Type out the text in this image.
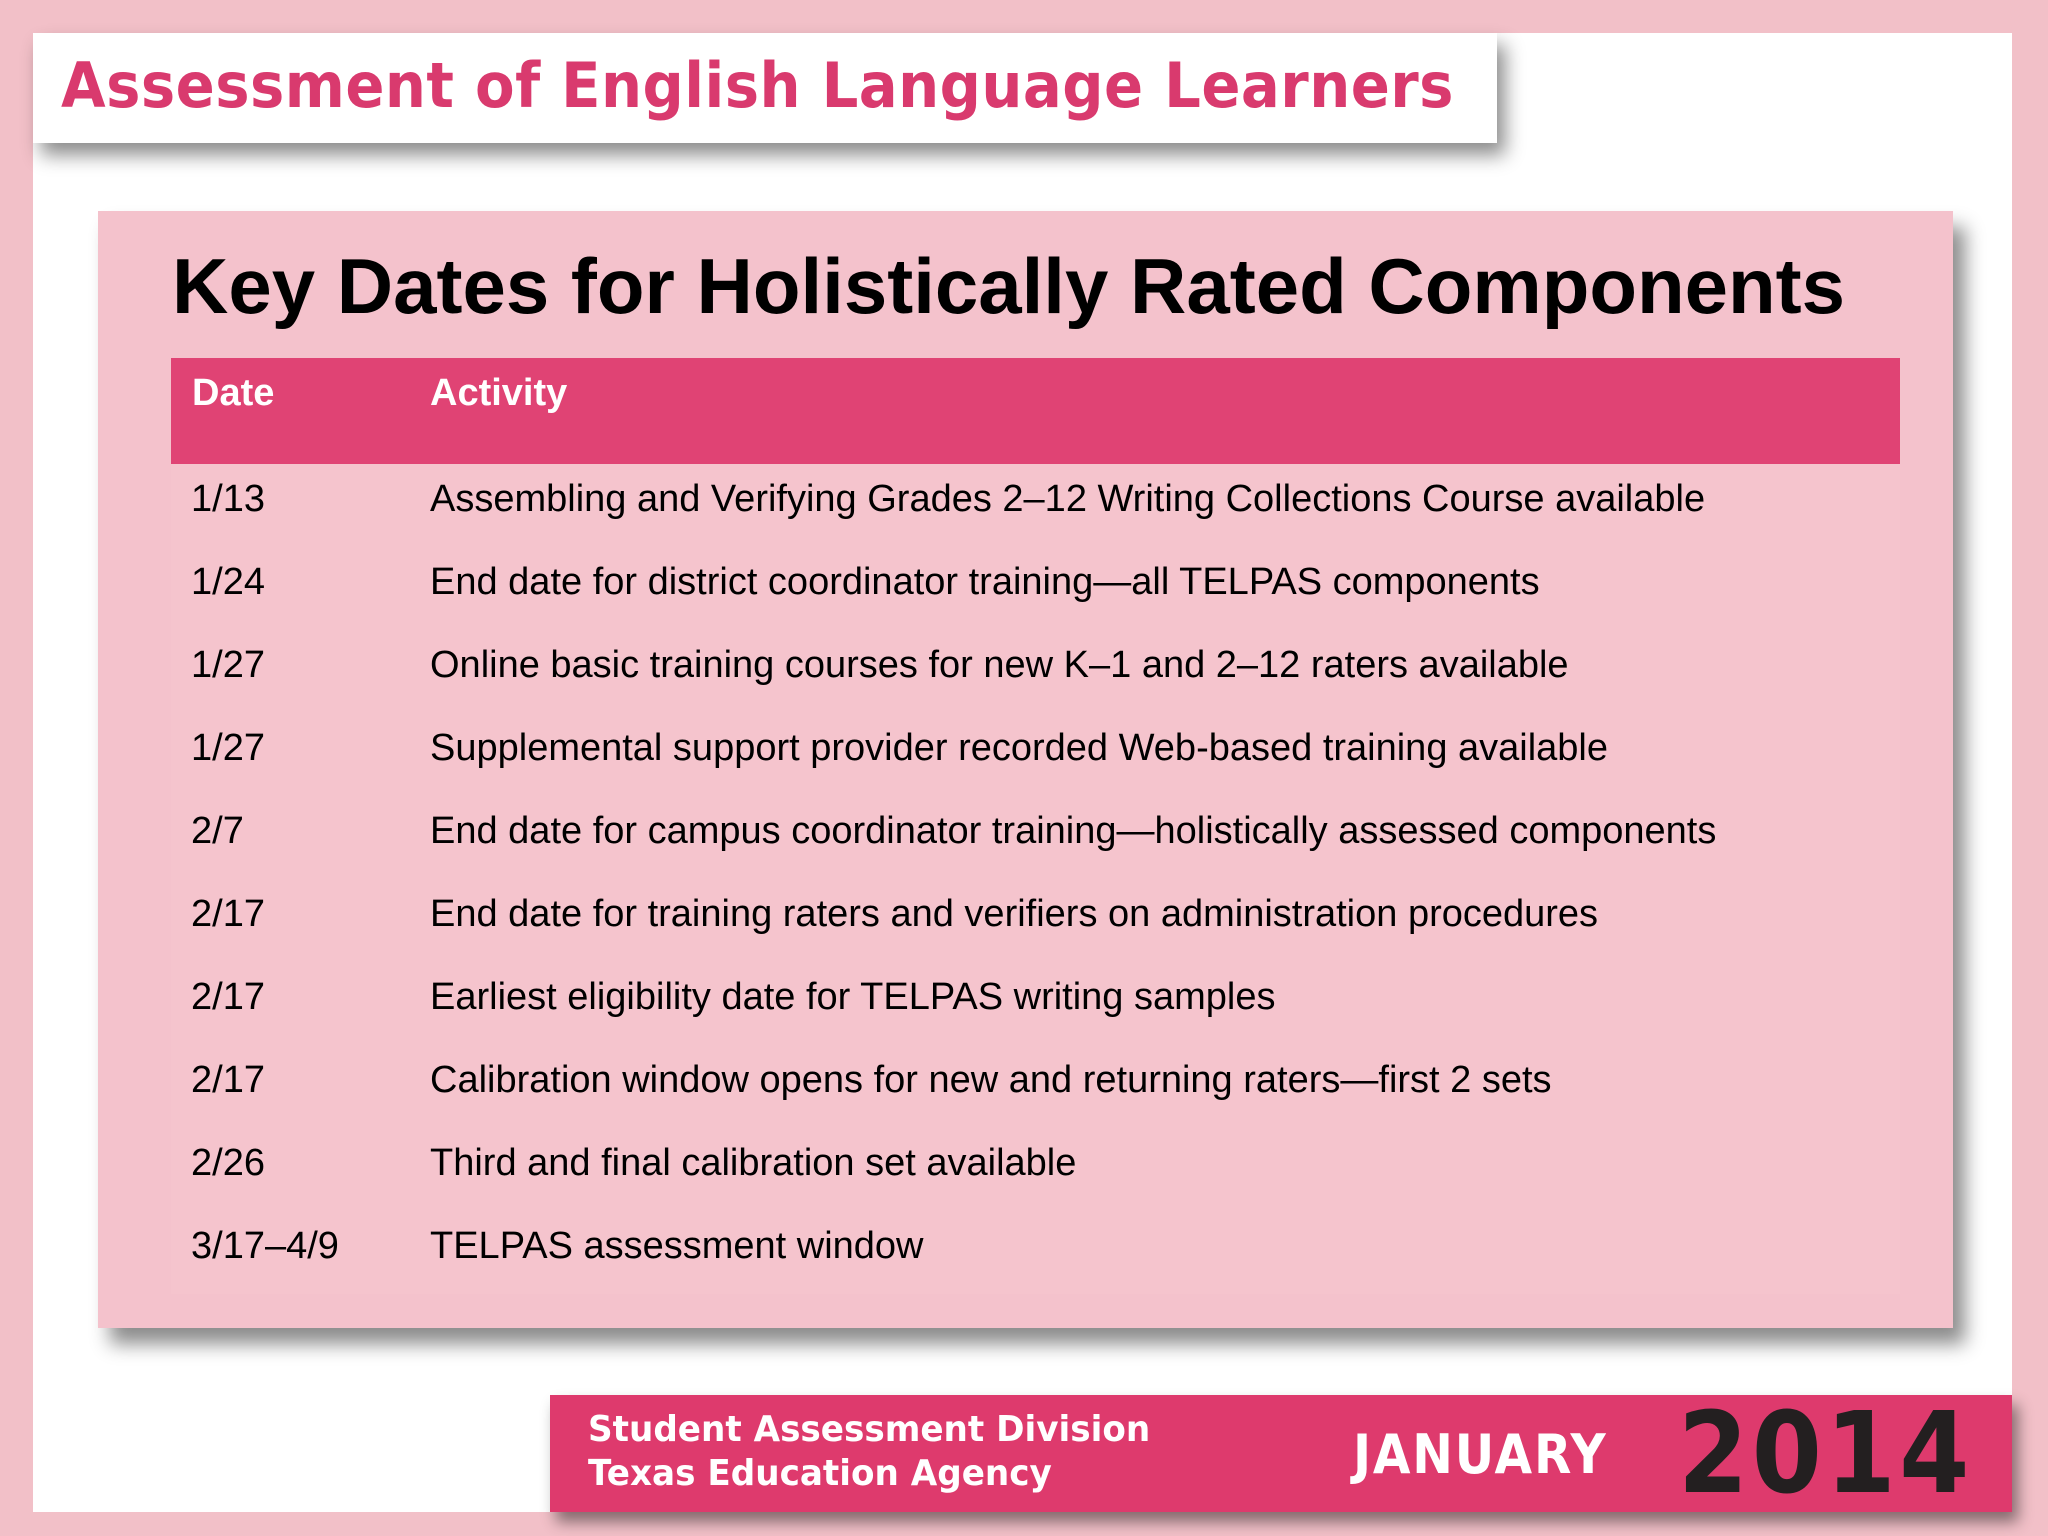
Assessment of English Language Learners
Key Dates for Holistically Rated Components
Date	Activity
1/13	Assembling and Verifying Grades 2–12 Writing Collections Course available
1/24	End date for district coordinator training—all TELPAS components
1/27	Online basic training courses for new K–1 and 2–12 raters available
1/27	Supplemental support provider recorded Web-based training available
2/7	End date for campus coordinator training—holistically assessed components
2/17	End date for training raters and verifiers on administration procedures
2/17	Earliest eligibility date for TELPAS writing samples
2/17	Calibration window opens for new and returning raters—first 2 sets
2/26	Third and final calibration set available
3/17–4/9 TELPAS assessment window
Student Assessment Division
Texas Education Agency	JANUARY 2014
